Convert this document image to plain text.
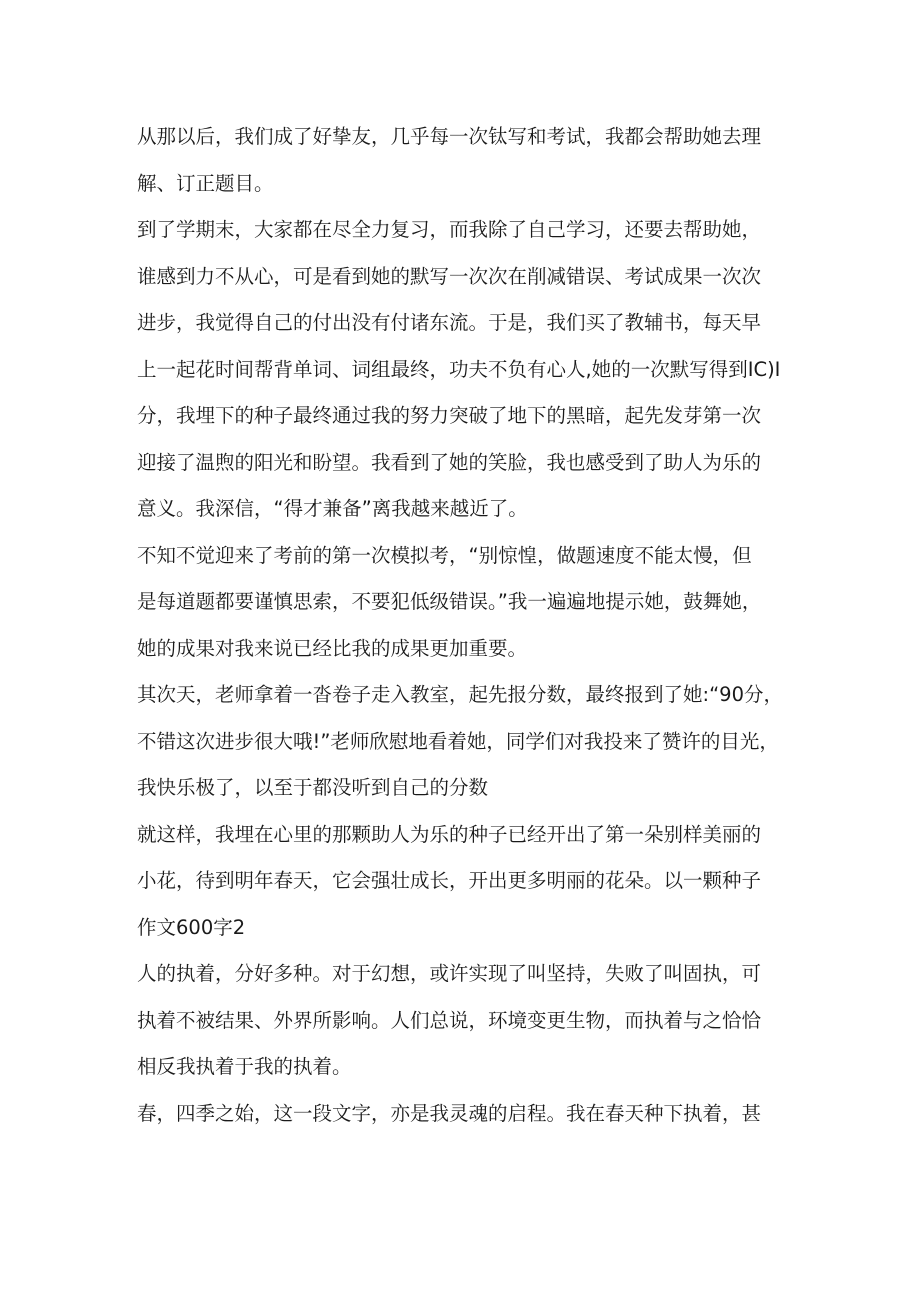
从那以后，我们成了好挚友，几乎每一次钛写和考试，我都会帮助她去理
解、订正题目。
到了学期末，大家都在尽全力复习，而我除了自己学习，还要去帮助她，
谁感到力不从心，可是看到她的默写一次次在削减错误、考试成果一次次
进步，我觉得自己的付出没有付诸东流。于是，我们买了教辅书，每天早
上一起花时间帮背单词、词组最终，功夫不负有心人,她的一次默写得到IC)I
分，我埋下的种子最终通过我的努力突破了地下的黑暗，起先发芽第一次
迎接了温煦的阳光和盼望。我看到了她的笑脸，我也感受到了助人为乐的
意义。我深信，“得才兼备”离我越来越近了。
不知不觉迎来了考前的第一次模拟考，“别惊惶，做题速度不能太慢，但
是每道题都要谨慎思索，不要犯低级错误。”我一遍遍地提示她，鼓舞她，
她的成果对我来说已经比我的成果更加重要。
其次天，老师拿着一沓卷子走入教室，起先报分数，最终报到了她:“90分，
不错这次进步很大哦!”老师欣慰地看着她，同学们对我投来了赞许的目光，
我快乐极了，以至于都没听到自己的分数
就这样，我埋在心里的那颗助人为乐的种子已经开出了第一朵别样美丽的
小花，待到明年春天，它会强壮成长，开出更多明丽的花朵。以一颗种子
作文600字2
人的执着，分好多种。对于幻想，或许实现了叫坚持，失败了叫固执，可
执着不被结果、外界所影响。人们总说，环境变更生物，而执着与之恰恰
相反我执着于我的执着。
春，四季之始，这一段文字，亦是我灵魂的启程。我在春天种下执着，甚
